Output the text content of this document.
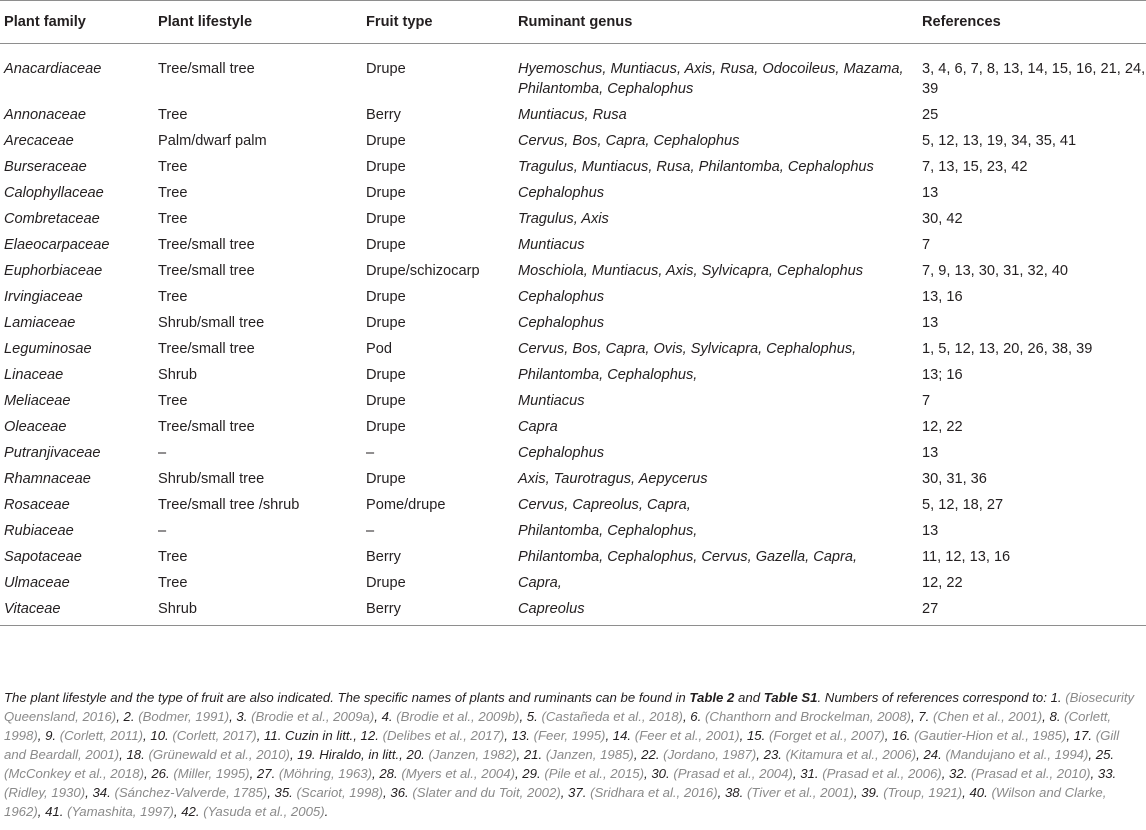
Plant family	Plant lifestyle	Fruit type	Ruminant genus	References
Anacardiaceae	Tree/small tree	Drupe	Hyemoschus, Muntiacus, Axis, Rusa, Odocoileus, Mazama, Philantomba, Cephalophus	3, 4, 6, 7, 8, 13, 14, 15, 16, 21, 24, 39
Annonaceae	Tree	Berry	Muntiacus, Rusa	25
Arecaceae	Palm/dwarf palm	Drupe	Cervus, Bos, Capra, Cephalophus	5, 12, 13, 19, 34, 35, 41
Burseraceae	Tree	Drupe	Tragulus, Muntiacus, Rusa, Philantomba, Cephalophus	7, 13, 15, 23, 42
Calophyllaceae	Tree	Drupe	Cephalophus	13
Combretaceae	Tree	Drupe	Tragulus, Axis	30, 42
Elaeocarpaceae	Tree/small tree	Drupe	Muntiacus	7
Euphorbiaceae	Tree/small tree	Drupe/schizocarp	Moschiola, Muntiacus, Axis, Sylvicapra, Cephalophus	7, 9, 13, 30, 31, 32, 40
Irvingiaceae	Tree	Drupe	Cephalophus	13, 16
Lamiaceae	Shrub/small tree	Drupe	Cephalophus	13
Leguminosae	Tree/small tree	Pod	Cervus, Bos, Capra, Ovis, Sylvicapra, Cephalophus,	1, 5, 12, 13, 20, 26, 38, 39
Linaceae	Shrub	Drupe	Philantomba, Cephalophus,	13; 16
Meliaceae	Tree	Drupe	Muntiacus	7
Oleaceae	Tree/small tree	Drupe	Capra	12, 22
Putranjivaceae	–	–	Cephalophus	13
Rhamnaceae	Shrub/small tree	Drupe	Axis, Taurotragus, Aepycerus	30, 31, 36
Rosaceae	Tree/small tree /shrub	Pome/drupe	Cervus, Capreolus, Capra,	5, 12, 18, 27
Rubiaceae	–	–	Philantomba, Cephalophus,	13
Sapotaceae	Tree	Berry	Philantomba, Cephalophus, Cervus, Gazella, Capra,	11, 12, 13, 16
Ulmaceae	Tree	Drupe	Capra,	12, 22
Vitaceae	Shrub	Berry	Capreolus	27
The plant lifestyle and the type of fruit are also indicated. The specific names of plants and ruminants can be found in Table 2 and Table S1. Numbers of references correspond to: 1. (Biosecurity Queensland, 2016), 2. (Bodmer, 1991), 3. (Brodie et al., 2009a), 4. (Brodie et al., 2009b), 5. (Castañeda et al., 2018), 6. (Chanthorn and Brockelman, 2008), 7. (Chen et al., 2001), 8. (Corlett, 1998), 9. (Corlett, 2011), 10. (Corlett, 2017), 11. Cuzin in litt., 12. (Delibes et al., 2017), 13. (Feer, 1995), 14. (Feer et al., 2001), 15. (Forget et al., 2007), 16. (Gautier-Hion et al., 1985), 17. (Gill and Beardall, 2001), 18. (Grünewald et al., 2010), 19. Hiraldo, in litt., 20. (Janzen, 1982), 21. (Janzen, 1985), 22. (Jordano, 1987), 23. (Kitamura et al., 2006), 24. (Mandujano et al., 1994), 25. (McConkey et al., 2018), 26. (Miller, 1995), 27. (Möhring, 1963), 28. (Myers et al., 2004), 29. (Pile et al., 2015), 30. (Prasad et al., 2004), 31. (Prasad et al., 2006), 32. (Prasad et al., 2010), 33. (Ridley, 1930), 34. (Sánchez-Valverde, 1785), 35. (Scariot, 1998), 36. (Slater and du Toit, 2002), 37. (Sridhara et al., 2016), 38. (Tiver et al., 2001), 39. (Troup, 1921), 40. (Wilson and Clarke, 1962), 41. (Yamashita, 1997), 42. (Yasuda et al., 2005).
